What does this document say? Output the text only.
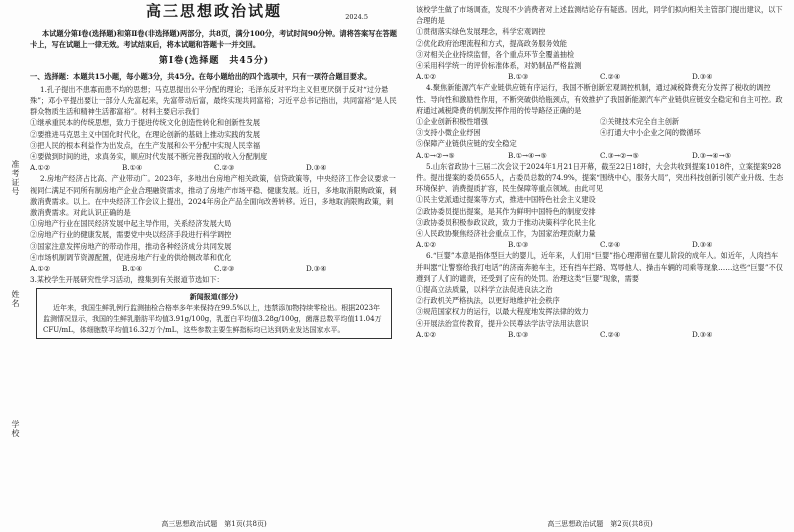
准考证号
姓名
学校
高三思想政治试题	2024.5

本试题分第Ⅰ卷(选择题)和第Ⅱ卷(非选择题)两部分，共8页，满分100分，考试时间90分钟。请将答案写在答题卡上，写在试题上一律无效。考试结束后，将本试题和答题卡一并交回。

第Ⅰ卷(选择题　共45分)

一、选择题：本题共15小题，每小题3分，共45分。在每小题给出的四个选项中，只有一项符合题目要求。

1.孔子提出不患寡而患不均的思想；马克思提出公平分配的理论；毛泽东反对平均主义但更厌倒于反对“过分悬殊”；邓小平提出要让一部分人先富起来，先富带动后富，最终实现共同富裕；习近平总书记指出，共同富裕“是人民群众物质生活和精神生活都富裕”。材料主要启示我们

①继承重民本的传统思想，致力于提进传统文化创造性转化和创新性发展

②要推进马克思主义中国化时代化，在理论创新的基础上推动实践的发展

③把人民的根本利益作为出发点，在生产发展和公平分配中实现人民幸福

④要做到时间的进，求真务实，顺应时代发展不断完善我国的收入分配制度

A.①②	B.①④	C.②③	D.③④

2.房地产经济占比高、产业带动广。2023年，多地出台房地产相关政策，信贷政策等，中央经济工作会议要求一视同仁满足不同所有制房地产企业合理融资需求，推动了房地产市场平稳、健康发展。近日，多地取消限购政策，刺激消费需求。以上。在中央经济工作会议上提出，2024年房企产品全面向改善转移。近日，多地取消限购政策，刺激消费需求。对此认识正确的是

①房地产行业在国民经济发展中起主导作用，关系经济发展大局

②房地产行业的健康发展，需要党中央以经济手段进行科学调控

③国家注意发挥房地产的带动作用，推动各种经济成分共同发展

④市场机制调节资源配置，促进房地产行业的供给侧改革和优化

A.①②	B.①④	C.②③	D.③④

3.某校学生开展研究性学习活动，搜集到有关报道节选如下：

新闻报道(部分)

近年来，我国生鲜乳例行监测抽检合格率多年来保持在99.5%以上，违禁添加物持续零检出。根据2023年监测情况显示，我国的生鲜乳脂肪平均值3.91g/100g，乳蛋白平均值3.28g/100g，菌落总数平均值11.04万CFU/mL，体细胞数平均值16.32万个/mL，这些参数主要生鲜指标均已达到奶业发达国家水平。

高三思想政治试题　第1页(共8页)

该校学生做了市场调查，发现不少消费者对上述监测结论存有疑惑。因此，同学们拟向相关主管部门提出建议，以下合理的是

①贯彻落实绿色发展理念，科学宏观调控

②优化政府治理流程和方式，提高政务服务效能

③对相关企业持续监督，各个重点环节全覆盖抽检

④采用科学统一的评价标准体系，对奶制品严格监测

A.①②	B.①③	C.②④	D.③④

4.聚焦新能源汽车产业链供应链有序运行，我国不断创新宏观调控机制，通过减税降费充分发挥了税收的调控性、导向性和激励性作用，不断突破供给瓶颈点，有效推护了我国新能源汽车产业链供应链安全稳定和自主可控。政府通过减税降费的机制发挥作用的传导路径正确的是

①企业创新积极性增强	②关键技术完全自主创新
③支持小微企业纾困	④打通大中小企业之间的微循环
⑤保障产业链供应链的安全稳定
A.①→②→⑤	B.①→④→⑤	C.③→②→⑤	D.③→④→⑤

5.山东省政协十三届二次会议于2024年1月21日开幕，截至22日18时，大会共收到提案1018件，立案提案928件。提出提案的委员655人，占委员总数的74.9%，提案“围绕中心，服务大局”，突出科技创新引领产业升级、生态环境保护、消费提质扩容，民生保障等重点领域。由此可见

①民主党派通过提案等方式，推进中国特色社会主义建设

②政协委员提出提案，是其作为鲜明中国特色的制度安排

③政协委员积极参政议政，致力于推动决策科学化民主化

④人民政协聚焦经济社会重点工作，为国家治理贡献力量

A.①②	B.①③	C.②④	D.③④

6.“巨婴”本意是指体型巨大的婴儿，近年来，人们用“巨婴”指心理滞留在婴儿阶段的成年人。如近年，人肉挡车并叫嚣“让警察给我打电话”的济南奔驰车主，还有挡车拦路、骂辱他人、操击车辆的司乘等现象……这些“巨婴”不仅遵到了人们的谴责，还受到了应有的处罚。治理这类“巨婴”现象，需要

①提高立法质量，以科学立法促进良法之治

②行政机关严格执法，以更好地维护社会秩序

③规范国家权力的运行，以最大程度地发挥法律的效力

④开展法治宣传教育，提升公民尊法学法守法用法意识

A.①②	B.①③	C.②④	D.③④
高三思想政治试题　第2页(共8页)
